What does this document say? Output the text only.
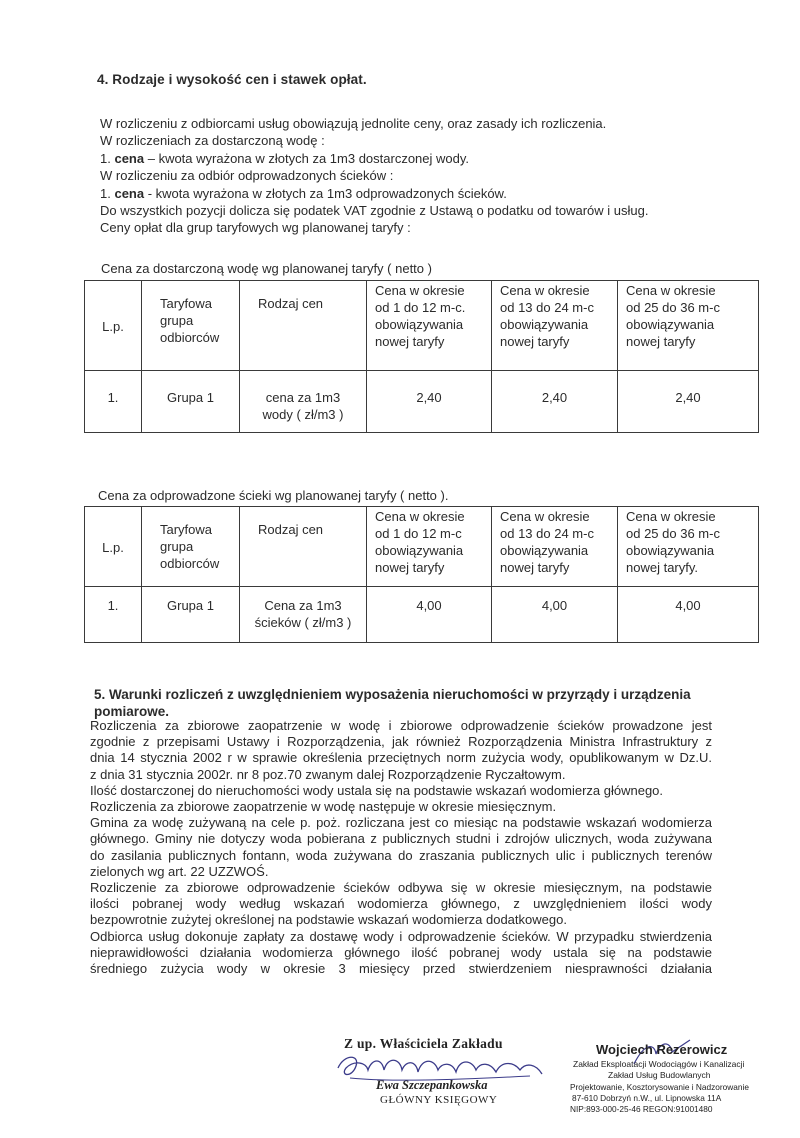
4. Rodzaje i wysokość cen i stawek opłat.
W rozliczeniu z odbiorcami usług obowiązują jednolite ceny, oraz zasady ich rozliczenia.
W rozliczeniach za dostarczoną wodę :
1. cena – kwota wyrażona w złotych za 1m3 dostarczonej wody.
W rozliczeniu za odbiór odprowadzonych ścieków :
1. cena - kwota wyrażona w złotych za 1m3 odprowadzonych ścieków.
Do wszystkich pozycji dolicza się podatek VAT zgodnie z Ustawą o podatku od towarów i usług.
Ceny opłat dla grup taryfowych wg planowanej taryfy :
Cena za dostarczoną wodę wg planowanej taryfy ( netto )
L.p.	Taryfowa
grupa
odbiorców	Rodzaj cen	Cena w okresie
od 1 do 12 m-c.
obowiązywania
nowej taryfy	Cena w okresie
od 13 do 24 m-c
obowiązywania
nowej taryfy	Cena w okresie
od 25 do 36 m-c
obowiązywania
nowej taryfy
1.	Grupa 1	cena za 1m3
wody ( zł/m3 )	2,40	2,40	2,40
Cena za odprowadzone ścieki wg planowanej taryfy ( netto ).
L.p.	Taryfowa
grupa
odbiorców	Rodzaj cen	Cena w okresie
od 1 do 12 m-c
obowiązywania
nowej taryfy	Cena w okresie
od 13 do 24 m-c
obowiązywania
nowej taryfy	Cena w okresie
od 25 do 36 m-c
obowiązywania
nowej taryfy.
1.	Grupa 1	Cena za 1m3
ścieków ( zł/m3 )	4,00	4,00	4,00
5. Warunki rozliczeń z uwzględnieniem wyposażenia nieruchomości w przyrządy i urządzenia
pomiarowe.
Rozliczenia za zbiorowe zaopatrzenie w wodę i zbiorowe odprowadzenie ścieków prowadzone jest
zgodnie z przepisami Ustawy i Rozporządzenia, jak również Rozporządzenia Ministra Infrastruktury z
dnia 14 stycznia 2002 r w sprawie określenia przeciętnych norm zużycia wody, opublikowanym w Dz.U.
z dnia 31 stycznia 2002r. nr 8 poz.70 zwanym dalej Rozporządzenie Ryczałtowym.
Ilość dostarczonej do nieruchomości wody ustala się na podstawie wskazań wodomierza głównego.
Rozliczenia za zbiorowe zaopatrzenie w wodę następuje w okresie miesięcznym.
Gmina za wodę zużywaną na cele p. poż. rozliczana jest co miesiąc na podstawie wskazań wodomierza
głównego. Gminy nie dotyczy woda pobierana z publicznych studni i zdrojów ulicznych, woda zużywana
do zasilania publicznych fontann, woda zużywana do zraszania publicznych ulic i publicznych terenów
zielonych wg art. 22 UZZWOŚ.
Rozliczenie za zbiorowe odprowadzenie ścieków odbywa się w okresie miesięcznym, na podstawie
ilości pobranej wody według wskazań wodomierza głównego, z uwzględnieniem ilości wody
bezpowrotnie zużytej określonej na podstawie wskazań wodomierza dodatkowego.
Odbiorca usług dokonuje zapłaty za dostawę wody i odprowadzenie ścieków. W przypadku stwierdzenia
nieprawidłowości działania wodomierza głównego ilość pobranej wody ustala się na podstawie
średniego zużycia wody w okresie 3 miesięcy przed stwierdzeniem niesprawności działania
Z up. Właściciela Zakładu
Ewa Szczepankowska
GŁÓWNY KSIĘGOWY
Wojciech Rezerowicz
Zakład Eksploatacji Wodociągów i Kanalizacji
Zakład Usług Budowlanych
Projektowanie, Kosztorysowanie i Nadzorowanie
87-610 Dobrzyń n.W., ul. Lipnowska 11A
NIP:893-000-25-46 REGON:91001480
